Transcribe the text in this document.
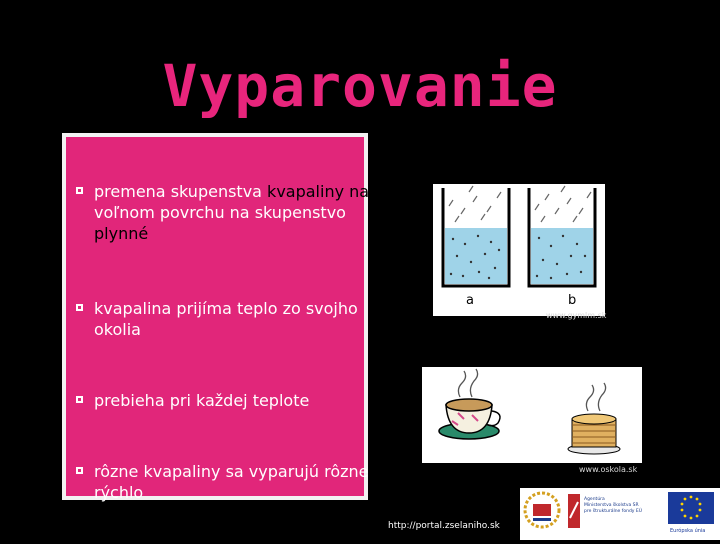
Vyparovanie
premena skupenstva kvapaliny na voľnom povrchu na skupenstvo plynné
kvapalina prijíma teplo zo svojho okolia
prebieha pri každej teplote
rôzne kvapaliny sa vyparujú rôzne rýchlo
a	b
www.gymlm.sk
www.oskola.sk
http://portal.zselaniho.sk
Agentúra
Ministerstva školstva SR
pre štrukturálne fondy EÚ
Európska únia
